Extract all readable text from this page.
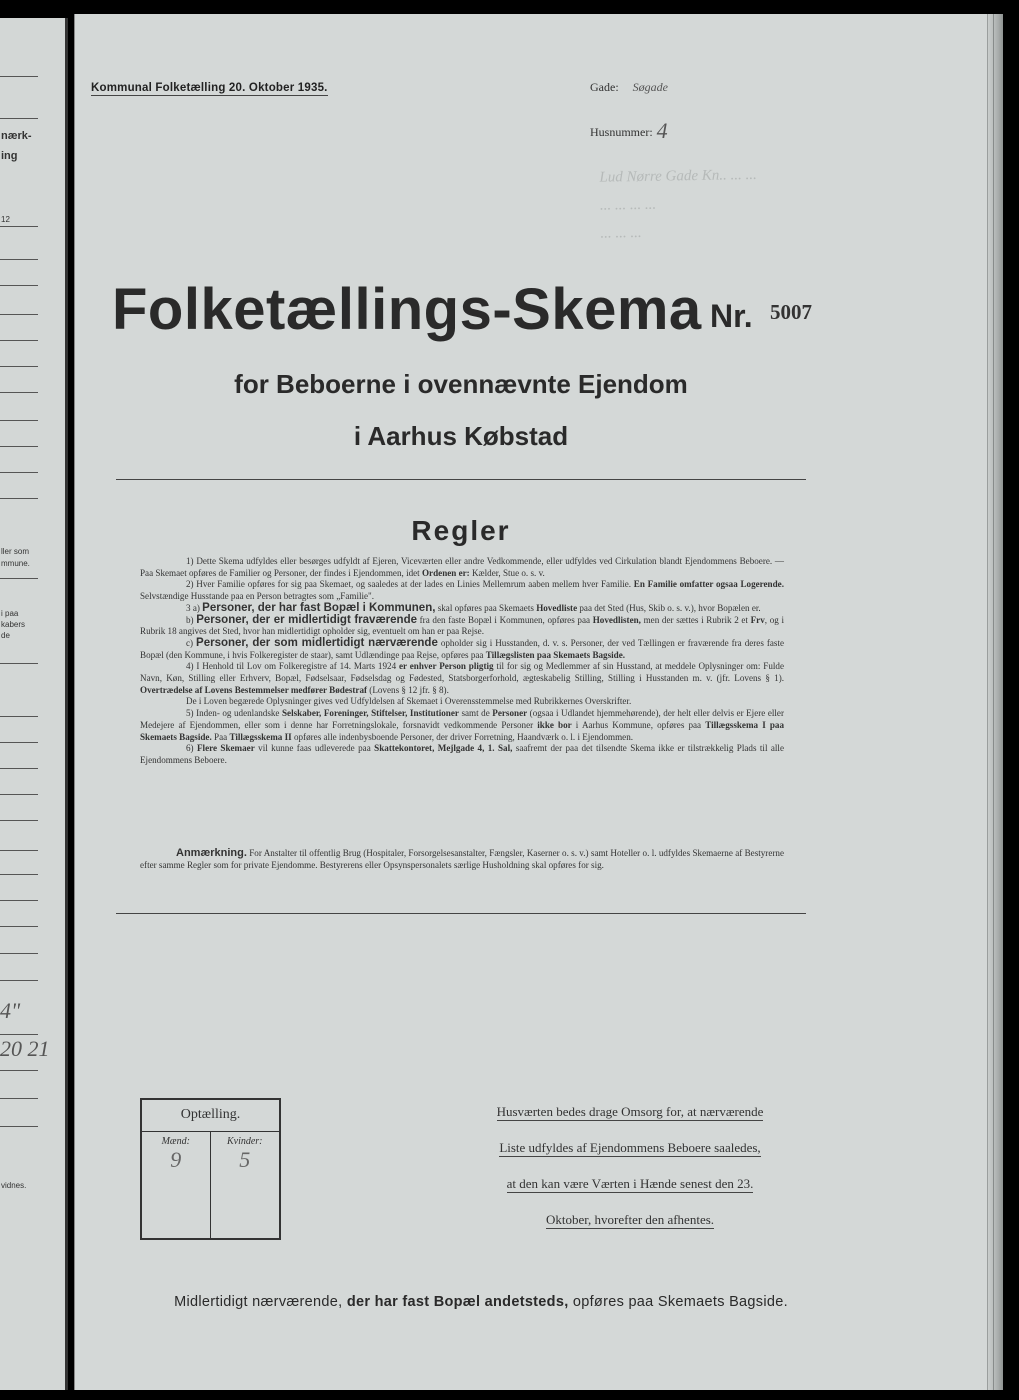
nærk-
ing
12
ller som
mmune.
i paa
kabers
de
4"
20 21
vidnes.
Kommunal Folketælling 20. Oktober 1935.	Gade: Søgade
Husnummer: 4
Lud Nørre Gade Kn.. ... ...
... ... ... ...
... ... ...
Folketællings-Skema Nr. 5007
for Beboerne i ovennævnte Ejendom
i Aarhus Købstad
Regler

1) Dette Skema udfyldes eller besørges udfyldt af Ejeren, Viceværten eller andre Vedkommende, eller udfyldes ved Cirkulation blandt Ejendommens Beboere. — Paa Skemaet opføres de Familier og Personer, der findes i Ejendommen, idet Ordenen er: Kælder, Stue o. s. v.

2) Hver Familie opføres for sig paa Skemaet, og saaledes at der lades en Linies Mellemrum aaben mellem hver Familie. En Familie omfatter ogsaa Logerende. Selvstændige Husstande paa en Person betragtes som „Familie".

3 a) Personer, der har fast Bopæl i Kommunen, skal opføres paa Skemaets Hovedliste paa det Sted (Hus, Skib o. s. v.), hvor Bopælen er.

b) Personer, der er midlertidigt fraværende fra den faste Bopæl i Kommunen, opføres paa Hovedlisten, men der sættes i Rubrik 2 et Frv, og i Rubrik 18 angives det Sted, hvor han midlertidigt opholder sig, eventuelt om han er paa Rejse.

c) Personer, der som midlertidigt nærværende opholder sig i Husstanden, d. v. s. Personer, der ved Tællingen er fraværende fra deres faste Bopæl (den Kommune, i hvis Folkeregister de staar), samt Udlændinge paa Rejse, opføres paa Tillægslisten paa Skemaets Bagside.

4) I Henhold til Lov om Folkeregistre af 14. Marts 1924 er enhver Person pligtig til for sig og Medlemmer af sin Husstand, at meddele Oplysninger om: Fulde Navn, Køn, Stilling eller Erhverv, Bopæl, Fødselsaar, Fødselsdag og Fødested, Statsborgerforhold, ægteskabelig Stilling, Stilling i Husstanden m. v. (jfr. Lovens § 1). Overtrædelse af Lovens Bestemmelser medfører Bødestraf (Lovens § 12 jfr. § 8).

De i Loven begærede Oplysninger gives ved Udfyldelsen af Skemaet i Overensstemmelse med Rubrikkernes Overskrifter.

5) Inden- og udenlandske Selskaber, Foreninger, Stiftelser, Institutioner samt de Personer (ogsaa i Udlandet hjemmehørende), der helt eller delvis er Ejere eller Medejere af Ejendommen, eller som i denne har Forretningslokale, forsnavidt vedkommende Personer ikke bor i Aarhus Kommune, opføres paa Tillægsskema I paa Skemaets Bagside. Paa Tillægsskema II opføres alle indenbysboende Personer, der driver Forretning, Haandværk o. l. i Ejendommen.

6) Flere Skemaer vil kunne faas udleverede paa Skattekontoret, Mejlgade 4, 1. Sal, saafremt der paa det tilsendte Skema ikke er tilstrækkelig Plads til alle Ejendommens Beboere.

Anmærkning. For Anstalter til offentlig Brug (Hospitaler, Forsorgelsesanstalter, Fængsler, Kaserner o. s. v.) samt Hoteller o. l. udfyldes Skemaerne af Bestyrerne efter samme Regler som for private Ejendomme. Bestyrerens eller Opsynspersonalets særlige Husholdning skal opføres for sig.
Optælling.
Mænd:
9
Kvinder:
5
Husværten bedes drage Omsorg for, at nærværende
Liste udfyldes af Ejendommens Beboere saaledes,
at den kan være Værten i Hænde senest den 23.
Oktober, hvorefter den afhentes.
Midlertidigt nærværende, der har fast Bopæl andetsteds, opføres paa Skemaets Bagside.
